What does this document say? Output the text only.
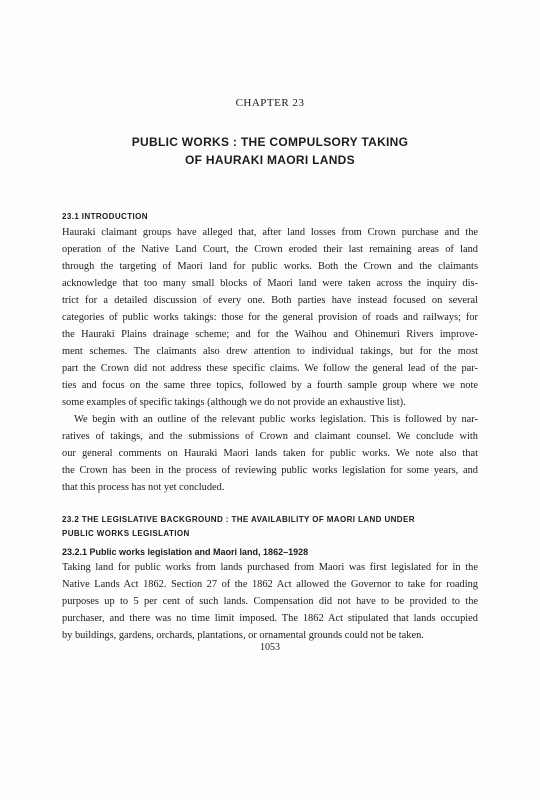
CHAPTER 23
PUBLIC WORKS : THE COMPULSORY TAKING
OF HAURAKI MAORI LANDS
23.1 INTRODUCTION
Hauraki claimant groups have alleged that, after land losses from Crown purchase and the
operation of the Native Land Court, the Crown eroded their last remaining areas of land
through the targeting of Maori land for public works. Both the Crown and the claimants
acknowledge that too many small blocks of Maori land were taken across the inquiry dis-
trict for a detailed discussion of every one. Both parties have instead focused on several
categories of public works takings: those for the general provision of roads and railways; for
the Hauraki Plains drainage scheme; and for the Waihou and Ohinemuri Rivers improve-
ment schemes. The claimants also drew attention to individual takings, but for the most
part the Crown did not address these specific claims. We follow the general lead of the par-
ties and focus on the same three topics, followed by a fourth sample group where we note
some examples of specific takings (although we do not provide an exhaustive list).
We begin with an outline of the relevant public works legislation. This is followed by nar-
ratives of takings, and the submissions of Crown and claimant counsel. We conclude with
our general comments on Hauraki Maori lands taken for public works. We note also that
the Crown has been in the process of reviewing public works legislation for some years, and
that this process has not yet concluded.
23.2 THE LEGISLATIVE BACKGROUND : THE AVAILABILITY OF MAORI LAND UNDER
PUBLIC WORKS LEGISLATION
23.2.1 Public works legislation and Maori land, 1862–1928
Taking land for public works from lands purchased from Maori was first legislated for in the
Native Lands Act 1862. Section 27 of the 1862 Act allowed the Governor to take for roading
purposes up to 5 per cent of such lands. Compensation did not have to be provided to the
purchaser, and there was no time limit imposed. The 1862 Act stipulated that lands occupied
by buildings, gardens, orchards, plantations, or ornamental grounds could not be taken.
1053
